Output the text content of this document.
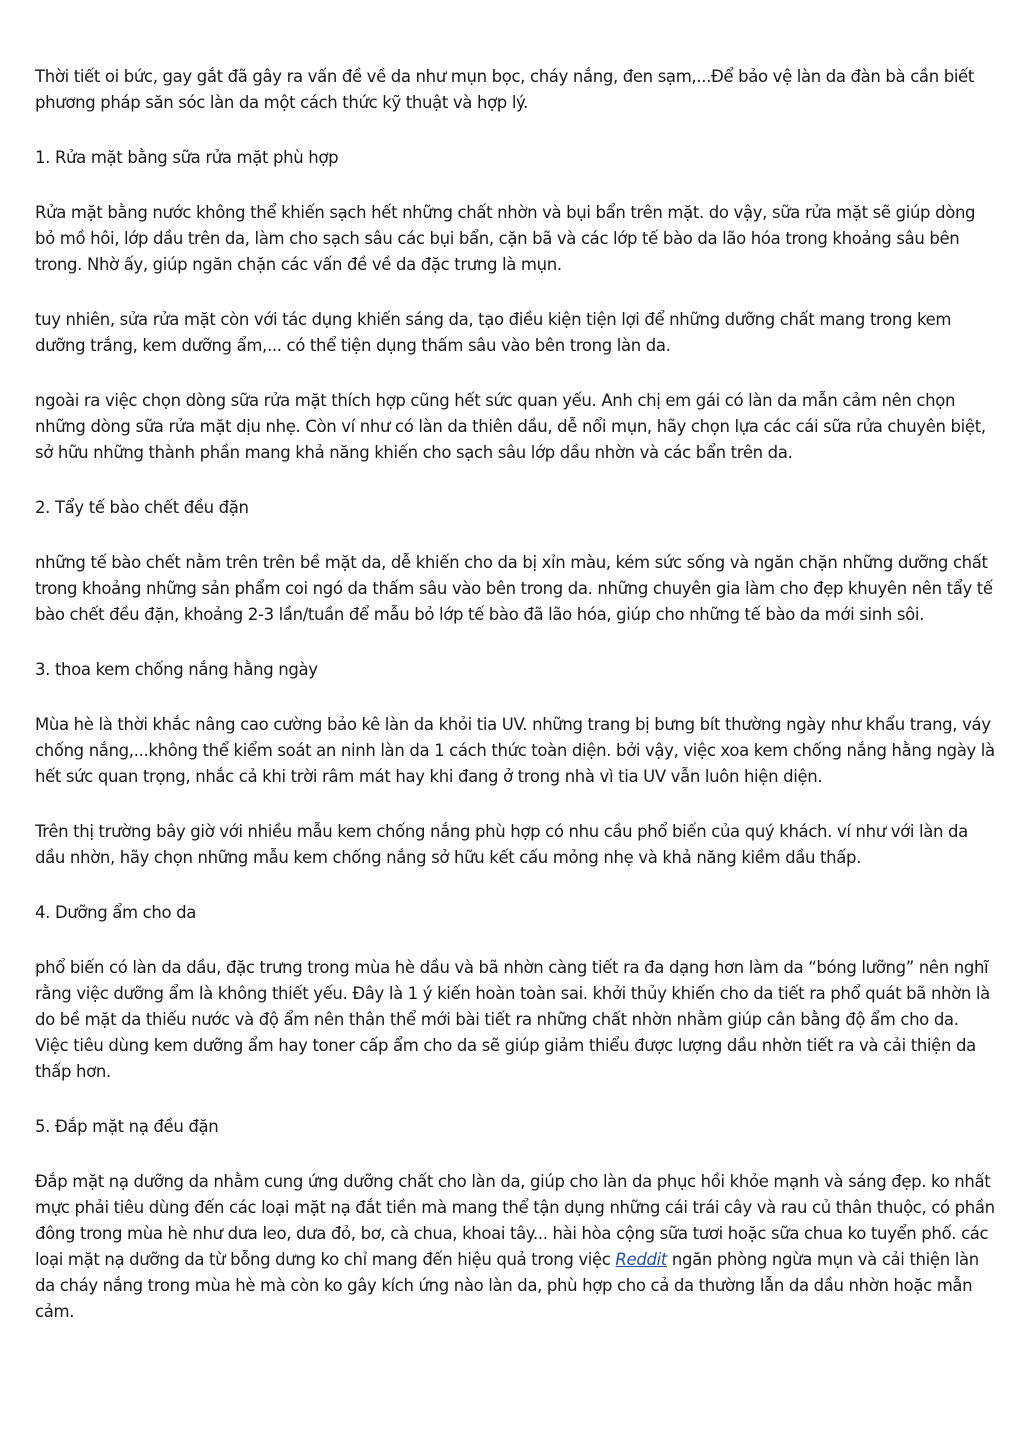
Thời tiết oi bức, gay gắt đã gây ra vấn đề về da như mụn bọc, cháy nắng, đen sạm,...Để bảo vệ làn da đàn bà cần biết phương pháp săn sóc làn da một cách thức kỹ thuật và hợp lý.

1. Rửa mặt bằng sữa rửa mặt phù hợp

Rửa mặt bằng nước không thể khiến sạch hết những chất nhờn và bụi bẩn trên mặt. do vậy, sữa rửa mặt sẽ giúp dòng bỏ mồ hôi, lớp dầu trên da, làm cho sạch sâu các bụi bẩn, cặn bã và các lớp tế bào da lão hóa trong khoảng sâu bên trong. Nhờ ấy, giúp ngăn chặn các vấn đề về da đặc trưng là mụn.

tuy nhiên, sửa rửa mặt còn với tác dụng khiến sáng da, tạo điều kiện tiện lợi để những dưỡng chất mang trong kem dưỡng trắng, kem dưỡng ẩm,... có thể tiện dụng thấm sâu vào bên trong làn da.

ngoài ra việc chọn dòng sữa rửa mặt thích hợp cũng hết sức quan yếu. Anh chị em gái có làn da mẫn cảm nên chọn những dòng sữa rửa mặt dịu nhẹ. Còn ví như có làn da thiên dầu, dễ nổi mụn, hãy chọn lựa các cái sữa rửa chuyên biệt, sở hữu những thành phần mang khả năng khiến cho sạch sâu lớp dầu nhờn và các bẩn trên da.

2. Tẩy tế bào chết đều đặn

những tế bào chết nằm trên trên bề mặt da, dễ khiến cho da bị xỉn màu, kém sức sống và ngăn chặn những dưỡng chất trong khoảng những sản phẩm coi ngó da thấm sâu vào bên trong da. những chuyên gia làm cho đẹp khuyên nên tẩy tế bào chết đều đặn, khoảng 2-3 lần/tuần để mẫu bỏ lớp tế bào đã lão hóa, giúp cho những tế bào da mới sinh sôi.

3. thoa kem chống nắng hằng ngày

Mùa hè là thời khắc nâng cao cường bảo kê làn da khỏi tia UV. những trang bị bưng bít thường ngày như khẩu trang, váy chống nắng,...không thể kiểm soát an ninh làn da 1 cách thức toàn diện. bởi vậy, việc xoa kem chống nắng hằng ngày là hết sức quan trọng, nhắc cả khi trời râm mát hay khi đang ở trong nhà vì tia UV vẫn luôn hiện diện.

Trên thị trường bây giờ với nhiều mẫu kem chống nắng phù hợp có nhu cầu phổ biến của quý khách. ví như với làn da dầu nhờn, hãy chọn những mẫu kem chống nắng sở hữu kết cấu mỏng nhẹ và khả năng kiềm dầu thấp.

4. Dưỡng ẩm cho da

phổ biến có làn da dầu, đặc trưng trong mùa hè dầu và bã nhờn càng tiết ra đa dạng hơn làm da “bóng lưỡng” nên nghĩ rằng việc dưỡng ẩm là không thiết yếu. Đây là 1 ý kiến hoàn toàn sai. khởi thủy khiến cho da tiết ra phổ quát bã nhờn là do bề mặt da thiếu nước và độ ẩm nên thân thể mới bài tiết ra những chất nhờn nhằm giúp cân bằng độ ẩm cho da. Việc tiêu dùng kem dưỡng ẩm hay toner cấp ẩm cho da sẽ giúp giảm thiểu được lượng dầu nhờn tiết ra và cải thiện da thấp hơn.

5. Đắp mặt nạ đều đặn

Đắp mặt nạ dưỡng da nhằm cung ứng dưỡng chất cho làn da, giúp cho làn da phục hồi khỏe mạnh và sáng đẹp. ko nhất mực phải tiêu dùng đến các loại mặt nạ đắt tiền mà mang thể tận dụng những cái trái cây và rau củ thân thuộc, có phần đông trong mùa hè như dưa leo, dưa đỏ, bơ, cà chua, khoai tây... hài hòa cộng sữa tươi hoặc sữa chua ko tuyển phố. các loại mặt nạ dưỡng da từ bỗng dưng ko chỉ mang đến hiệu quả trong việc Reddit ngăn phòng ngừa mụn và cải thiện làn da cháy nắng trong mùa hè mà còn ko gây kích ứng nào làn da, phù hợp cho cả da thường lẫn da dầu nhờn hoặc mẫn cảm.
